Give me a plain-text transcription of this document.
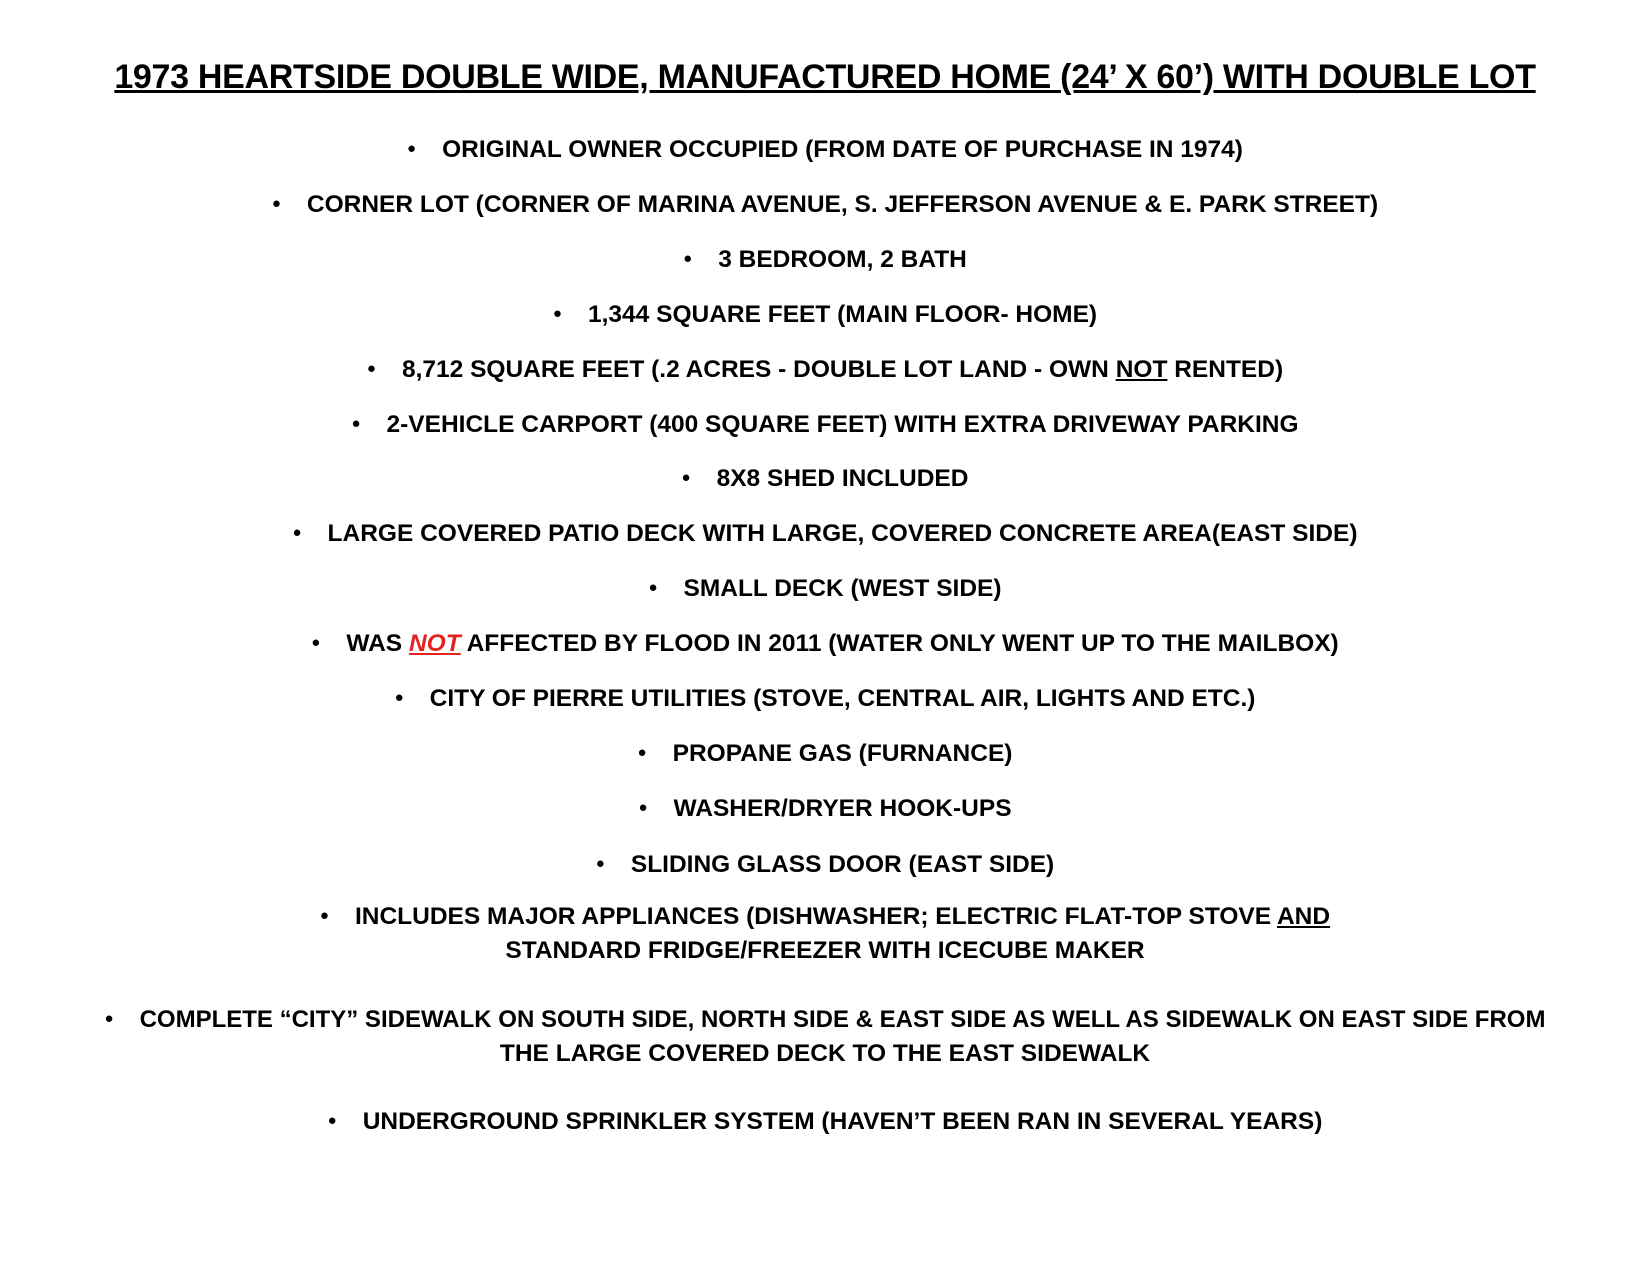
1973 HEARTSIDE DOUBLE WIDE, MANUFACTURED HOME (24’ X 60’) WITH DOUBLE LOT
● ORIGINAL OWNER OCCUPIED (FROM DATE OF PURCHASE IN 1974)
● CORNER LOT (CORNER OF MARINA AVENUE, S. JEFFERSON AVENUE & E. PARK STREET)
● 3 BEDROOM, 2 BATH
● 1,344 SQUARE FEET (MAIN FLOOR- HOME)
● 8,712 SQUARE FEET (.2 ACRES - DOUBLE LOT LAND - OWN NOT RENTED)
● 2-VEHICLE CARPORT (400 SQUARE FEET) WITH EXTRA DRIVEWAY PARKING
● 8X8 SHED INCLUDED
● LARGE COVERED PATIO DECK WITH LARGE, COVERED CONCRETE AREA(EAST SIDE)
● SMALL DECK (WEST SIDE)
● WAS NOT AFFECTED BY FLOOD IN 2011 (WATER ONLY WENT UP TO THE MAILBOX)
● CITY OF PIERRE UTILITIES (STOVE, CENTRAL AIR, LIGHTS AND ETC.)
● PROPANE GAS (FURNANCE)
● WASHER/DRYER HOOK-UPS
● SLIDING GLASS DOOR (EAST SIDE)
● INCLUDES MAJOR APPLIANCES (DISHWASHER; ELECTRIC FLAT-TOP STOVE AND
STANDARD FRIDGE/FREEZER WITH ICECUBE MAKER
● COMPLETE “CITY” SIDEWALK ON SOUTH SIDE, NORTH SIDE & EAST SIDE AS WELL AS SIDEWALK ON EAST SIDE FROM
THE LARGE COVERED DECK TO THE EAST SIDEWALK
● UNDERGROUND SPRINKLER SYSTEM (HAVEN’T BEEN RAN IN SEVERAL YEARS)
